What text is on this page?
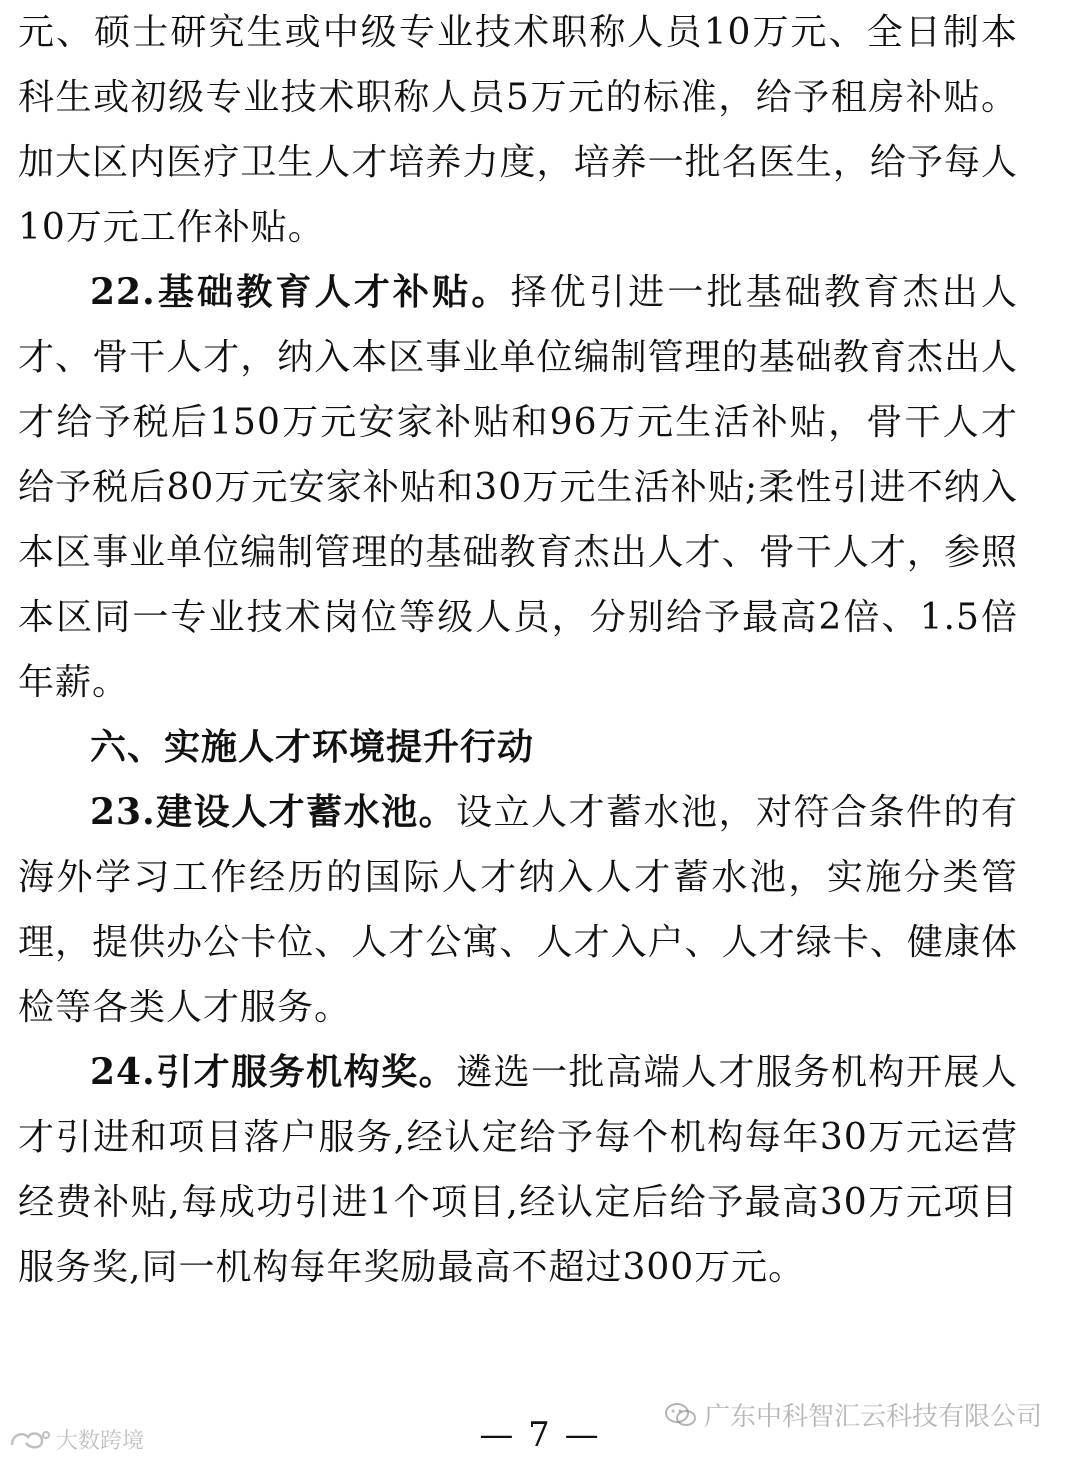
元、硕士研究生或中级专业技术职称人员10万元、全日制本科生或初级专业技术职称人员5万元的标准，给予租房补贴。加大区内医疗卫生人才培养力度，培养一批名医生，给予每人10万元工作补贴。

22.基础教育人才补贴。择优引进一批基础教育杰出人才、骨干人才，纳入本区事业单位编制管理的基础教育杰出人才给予税后150万元安家补贴和96万元生活补贴，骨干人才给予税后80万元安家补贴和30万元生活补贴;柔性引进不纳入本区事业单位编制管理的基础教育杰出人才、骨干人才，参照本区同一专业技术岗位等级人员，分别给予最高2倍、1.5倍年薪。

六、实施人才环境提升行动

23.建设人才蓄水池。设立人才蓄水池，对符合条件的有海外学习工作经历的国际人才纳入人才蓄水池，实施分类管理，提供办公卡位、人才公寓、人才入户、人才绿卡、健康体检等各类人才服务。

24.引才服务机构奖。遴选一批高端人才服务机构开展人才引进和项目落户服务,经认定给予每个机构每年30万元运营经费补贴,每成功引进1个项目,经认定后给予最高30万元项目服务奖,同一机构每年奖励最高不超过300万元。

— 7 —	广东中科智汇云科技有限公司
大数跨境
